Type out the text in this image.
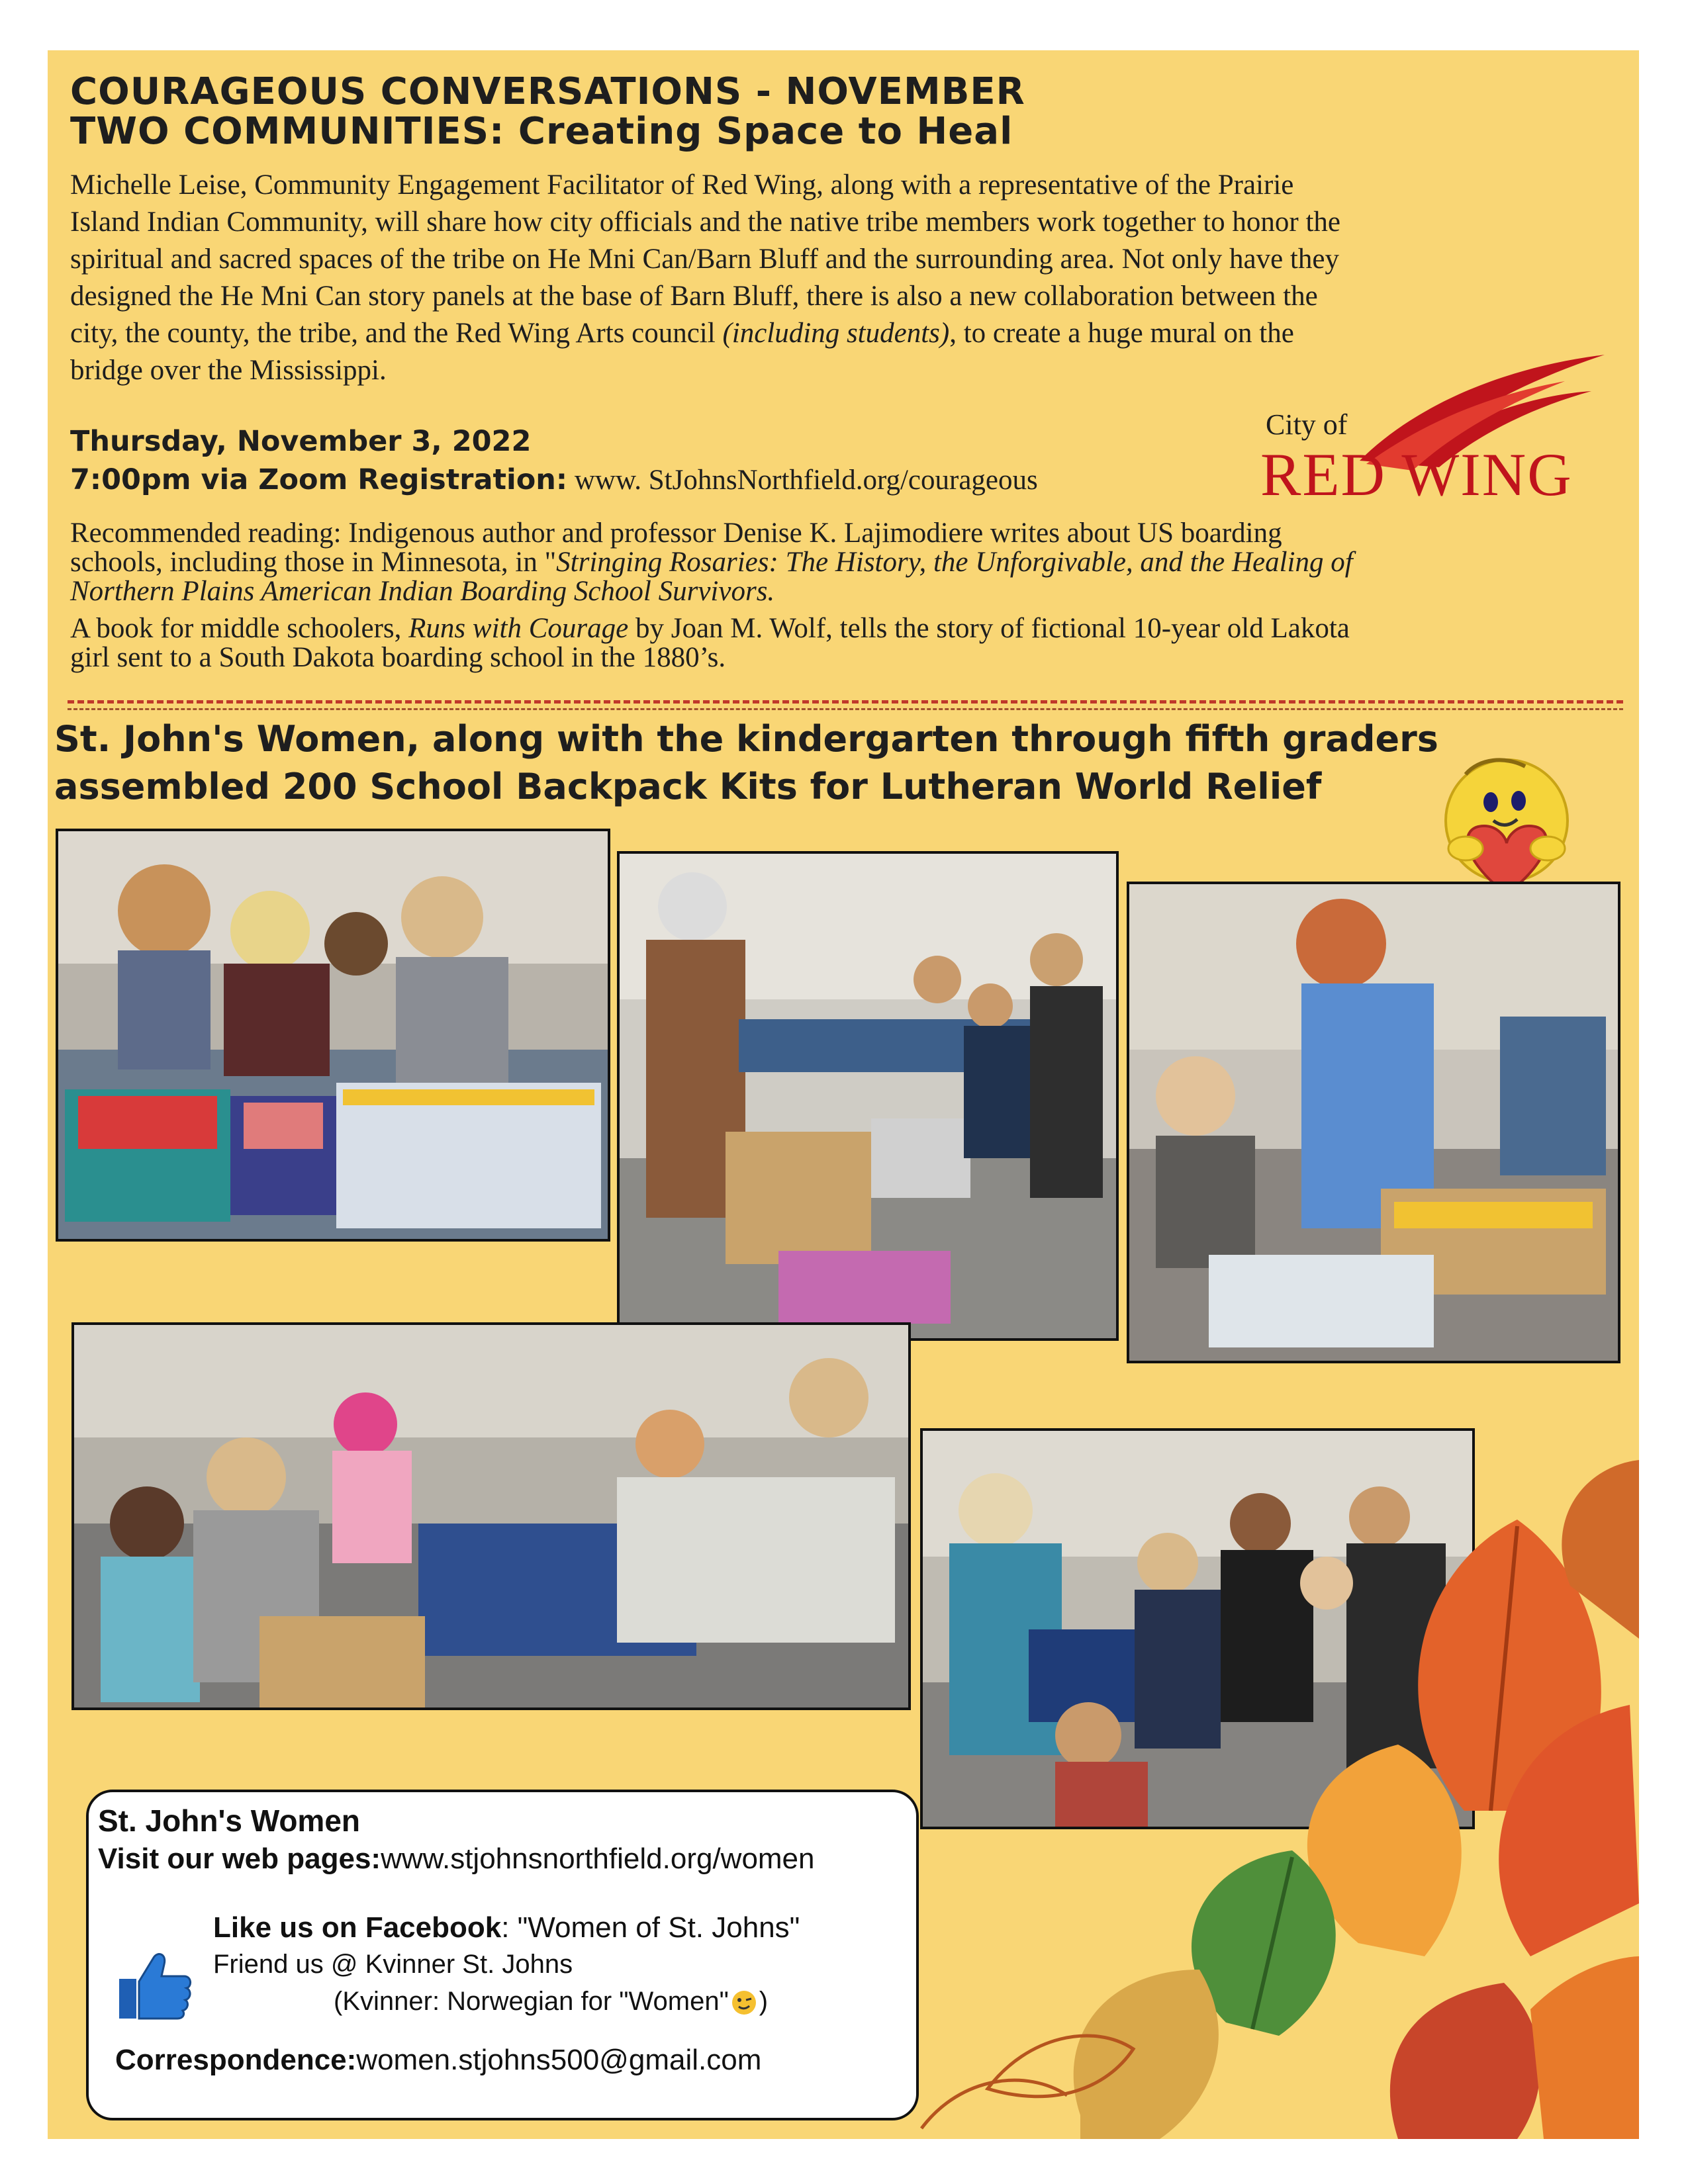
COURAGEOUS CONVERSATIONS - NOVEMBER
TWO COMMUNITIES: Creating Space to Heal
Michelle Leise, Community Engagement Facilitator of Red Wing, along with a representative of the Prairie
Island Indian Community, will share how city officials and the native tribe members work together to honor the
spiritual and sacred spaces of the tribe on He Mni Can/Barn Bluff and the surrounding area. Not only have they
designed the He Mni Can story panels at the base of Barn Bluff, there is also a new collaboration between the
city, the county, the tribe, and the Red Wing Arts council (including students), to create a huge mural on the
bridge over the Mississippi.
Thursday, November 3, 2022
7:00pm via Zoom Registration: www. StJohnsNorthfield.org/courageous
City of
RED WING
Recommended reading: Indigenous author and professor Denise K. Lajimodiere writes about US boarding
schools, including those in Minnesota, in "Stringing Rosaries: The History, the Unforgivable, and the Healing of
Northern Plains American Indian Boarding School Survivors.
A book for middle schoolers, Runs with Courage by Joan M. Wolf, tells the story of fictional 10-year old Lakota
girl sent to a South Dakota boarding school in the 1880’s.
St. John's Women, along with the kindergarten through fifth graders
assembled 200 School Backpack Kits for Lutheran World Relief
St. John's Women
Visit our web pages:www.stjohnsnorthfield.org/women
Like us on Facebook: "Women of St. Johns"
Friend us @ Kvinner St. Johns
(Kvinner: Norwegian for "Women" )
Correspondence:women.stjohns500@gmail.com
